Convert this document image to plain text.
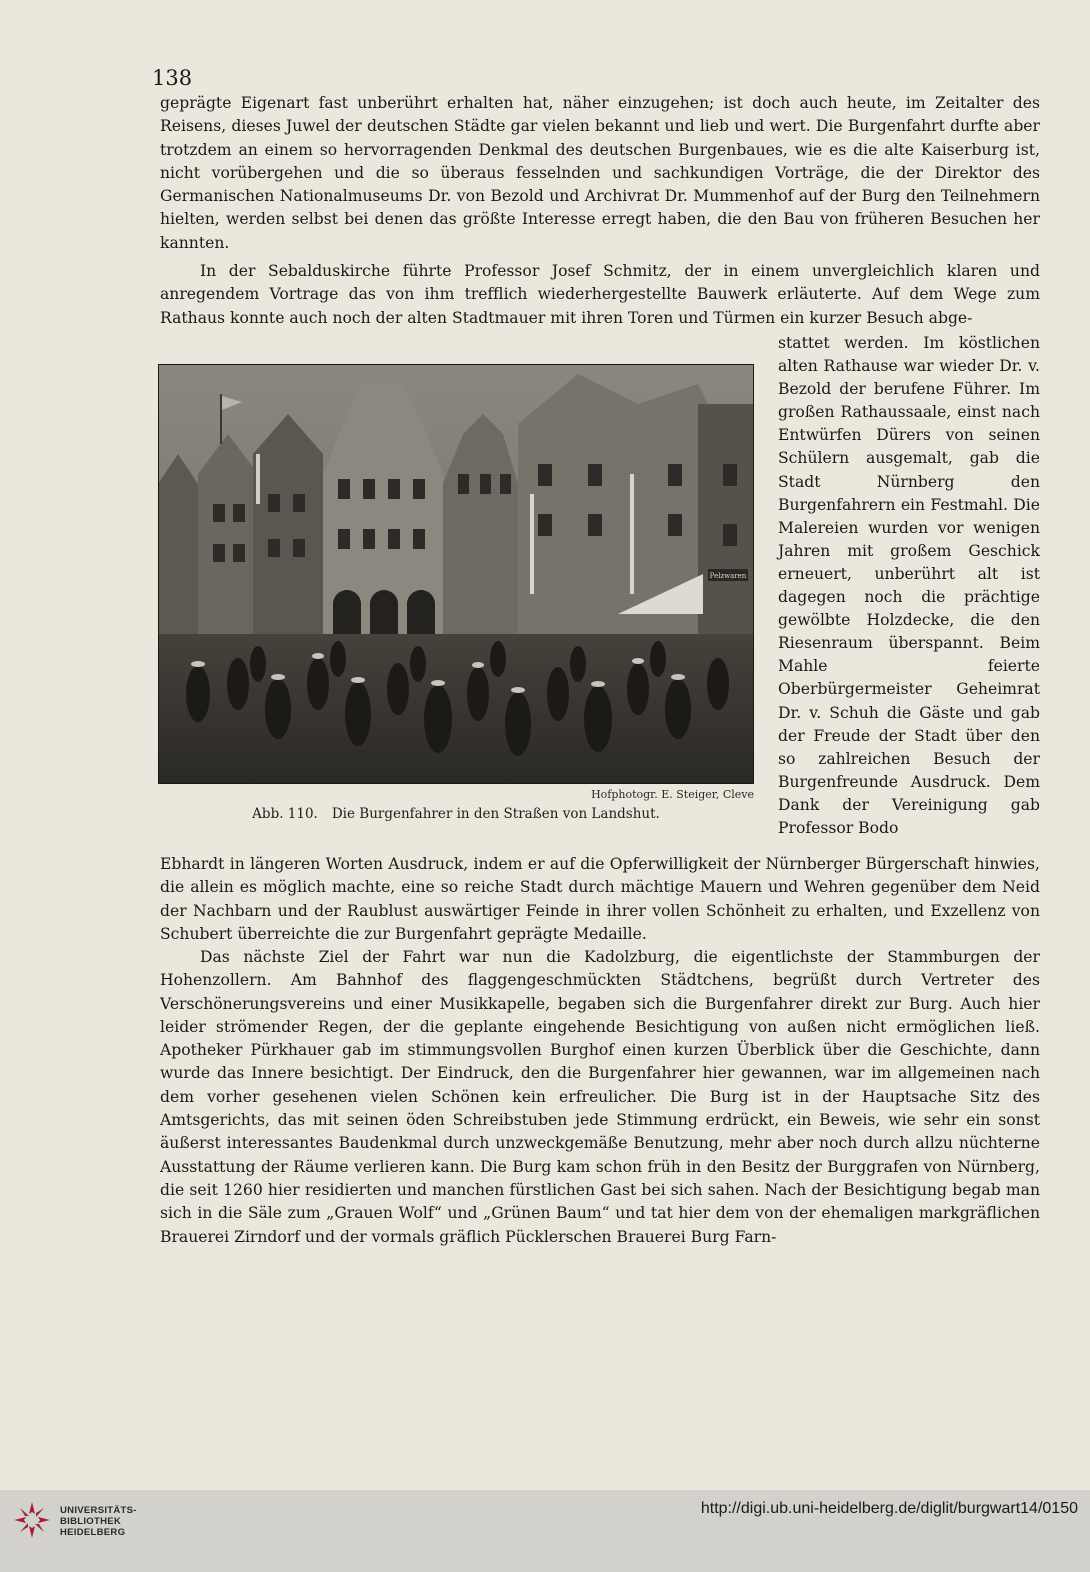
138
geprägte Eigenart fast unberührt erhalten hat, näher einzugehen; ist doch auch heute, im Zeitalter des Reisens, dieses Juwel der deutschen Städte gar vielen bekannt und lieb und wert. Die Burgenfahrt durfte aber trotzdem an einem so hervorragenden Denkmal des deutschen Burgenbaues, wie es die alte Kaiserburg ist, nicht vorübergehen und die so überaus fesselnden und sachkundigen Vorträge, die der Direktor des Germanischen Nationalmuseums Dr. von Bezold und Archivrat Dr. Mummenhof auf der Burg den Teilnehmern hielten, werden selbst bei denen das größte Interesse erregt haben, die den Bau von früheren Besuchen her kannten.
In der Sebalduskirche führte Professor Josef Schmitz, der in einem unvergleichlich klaren und anregendem Vortrage das von ihm trefflich wiederhergestellte Bauwerk erläuterte. Auf dem Wege zum Rathaus konnte auch noch der alten Stadtmauer mit ihren Toren und Türmen ein kurzer Besuch abge-
Pelzwaren
Hofphotogr. E. Steiger, Cleve
Abb. 110. Die Burgenfahrer in den Straßen von Landshut.
stattet werden. Im köstlichen alten Rathause war wieder Dr. v. Bezold der berufene Führer. Im großen Rathaussaale, einst nach Entwürfen Dürers von seinen Schülern ausgemalt, gab die Stadt Nürnberg den Burgenfahrern ein Festmahl. Die Malereien wurden vor wenigen Jahren mit großem Geschick erneuert, unberührt alt ist dagegen noch die prächtige gewölbte Holzdecke, die den Riesenraum überspannt. Beim Mahle feierte Oberbürgermeister Geheimrat Dr. v. Schuh die Gäste und gab der Freude der Stadt über den so zahlreichen Besuch der Burgenfreunde Ausdruck. Dem Dank der Vereinigung gab Professor Bodo
Ebhardt in längeren Worten Ausdruck, indem er auf die Opferwilligkeit der Nürnberger Bürgerschaft hinwies, die allein es möglich machte, eine so reiche Stadt durch mächtige Mauern und Wehren gegenüber dem Neid der Nachbarn und der Raublust auswärtiger Feinde in ihrer vollen Schönheit zu erhalten, und Exzellenz von Schubert überreichte die zur Burgenfahrt geprägte Medaille.
Das nächste Ziel der Fahrt war nun die Kadolzburg, die eigentlichste der Stammburgen der Hohenzollern. Am Bahnhof des flaggengeschmückten Städtchens, begrüßt durch Vertreter des Verschönerungsvereins und einer Musikkapelle, begaben sich die Burgenfahrer direkt zur Burg. Auch hier leider strömender Regen, der die geplante eingehende Besichtigung von außen nicht ermöglichen ließ. Apotheker Pürkhauer gab im stimmungsvollen Burghof einen kurzen Überblick über die Geschichte, dann wurde das Innere besichtigt. Der Eindruck, den die Burgenfahrer hier gewannen, war im allgemeinen nach dem vorher gesehenen vielen Schönen kein erfreulicher. Die Burg ist in der Hauptsache Sitz des Amtsgerichts, das mit seinen öden Schreibstuben jede Stimmung erdrückt, ein Beweis, wie sehr ein sonst äußerst interessantes Baudenkmal durch unzweckgemäße Benutzung, mehr aber noch durch allzu nüchterne Ausstattung der Räume verlieren kann. Die Burg kam schon früh in den Besitz der Burggrafen von Nürnberg, die seit 1260 hier residierten und manchen fürstlichen Gast bei sich sahen. Nach der Besichtigung begab man sich in die Säle zum „Grauen Wolf“ und „Grünen Baum“ und tat hier dem von der ehemaligen markgräflichen Brauerei Zirndorf und der vormals gräflich Pücklerschen Brauerei Burg Farn-
UNIVERSITÄTS-
BIBLIOTHEK
HEIDELBERG
http://digi.ub.uni-heidelberg.de/diglit/burgwart14/0150
